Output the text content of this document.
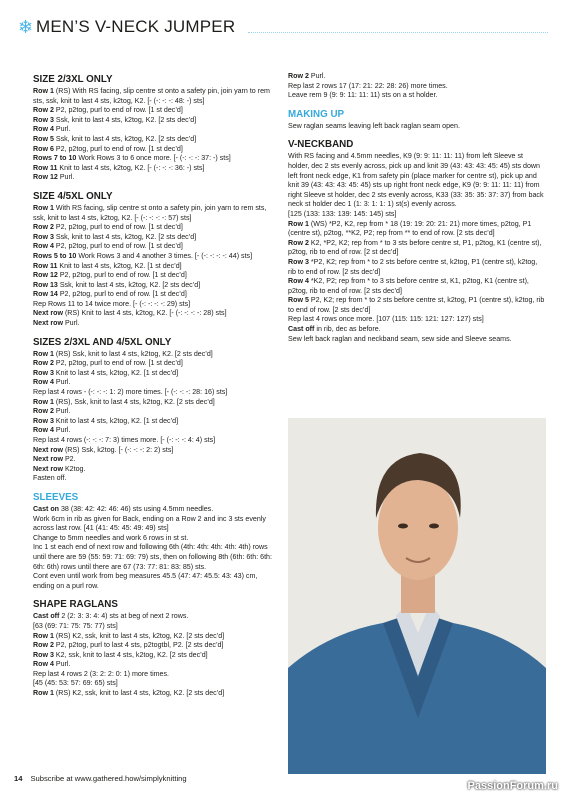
❄ MEN’S V-NECK JUMPER
SIZE 2/3XL ONLY
Row 1 (RS) With RS facing, slip centre st onto a safety pin, join yarn to rem sts, ssk, knit to last 4 sts, k2tog, K2. [- (-: -: -: 48: -) sts]
Row 2 P2, p2tog, purl to end of row. [1 st dec’d]
Row 3 Ssk, knit to last 4 sts, k2tog, K2. [2 sts dec’d]
Row 4 Purl.
Row 5 Ssk, knit to last 4 sts, k2tog, K2. [2 sts dec’d]
Row 6 P2, p2tog, purl to end of row. [1 st dec’d]
Rows 7 to 10 Work Rows 3 to 6 once more. [- (-: -: -: 37: -) sts]
Row 11 Knit to last 4 sts, k2tog, K2. [- (-: -: -: 36: -) sts]
Row 12 Purl.
SIZE 4/5XL ONLY
Row 1 With RS facing, slip centre st onto a safety pin, join yarn to rem sts, ssk, knit to last 4 sts, k2tog, K2. [- (-: -: -: -: 57) sts]
Row 2 P2, p2tog, purl to end of row. [1 st dec’d]
Row 3 Ssk, knit to last 4 sts, k2tog, K2. [2 sts dec’d]
Row 4 P2, p2tog, purl to end of row. [1 st dec’d]
Rows 5 to 10 Work Rows 3 and 4 another 3 times. [- (-: -: -: -: 44) sts]
Row 11 Knit to last 4 sts, k2tog, K2. [1 st dec’d]
Row 12 P2, p2tog, purl to end of row. [1 st dec’d]
Row 13 Ssk, knit to last 4 sts, k2tog, K2. [2 sts dec’d]
Row 14 P2, p2tog, purl to end of row. [1 st dec’d]
Rep Rows 11 to 14 twice more. [- (-: -: -: -: 29) sts]
Next row (RS) Knit to last 4 sts, k2tog, K2. [- (-: -: -: -: 28) sts]
Next row Purl.
SIZES 2/3XL AND 4/5XL ONLY
Row 1 (RS) Ssk, knit to last 4 sts, k2tog, K2. [2 sts dec’d]
Row 2 P2, p2tog, purl to end of row. [1 st dec’d]
Row 3 Knit to last 4 sts, k2tog, K2. [1 st dec’d]
Row 4 Purl.
Rep last 4 rows - (-: -: -: 1: 2) more times. [- (-: -: -: 28: 16) sts]
Row 1 (RS), Ssk, knit to last 4 sts, k2tog, K2. [2 sts dec’d]
Row 2 Purl.
Row 3 Knit to last 4 sts, k2tog, K2. [1 st dec’d]
Row 4 Purl.
Rep last 4 rows (-: -: -: 7: 3) times more. [- (-: -: -: 4: 4) sts]
Next row (RS) Ssk, k2tog. [- (-: -: -: 2: 2) sts]
Next row P2.
Next row K2tog.
Fasten off.
SLEEVES
Cast on 38 (38: 42: 42: 46: 46) sts using 4.5mm needles.
Work 6cm in rib as given for Back, ending on a Row 2 and inc 3 sts evenly across last row. [41 (41: 45: 45: 49: 49) sts]
Change to 5mm needles and work 6 rows in st st.
Inc 1 st each end of next row and following 6th (4th: 4th: 4th: 4th: 4th) rows until there are 59 (55: 59: 71: 69: 79) sts, then on following 8th (6th: 6th: 6th: 6th: 6th) rows until there are 67 (73: 77: 81: 83: 85) sts.
Cont even until work from beg measures 45.5 (47: 47: 45.5: 43: 43) cm, ending on a purl row.
SHAPE RAGLANS
Cast off 2 (2: 3: 3: 4: 4) sts at beg of next 2 rows.
[63 (69: 71: 75: 75: 77) sts]
Row 1 (RS) K2, ssk, knit to last 4 sts, k2tog, K2. [2 sts dec’d]
Row 2 P2, p2tog, purl to last 4 sts, p2togtbl, P2. [2 sts dec’d]
Row 3 K2, ssk, knit to last 4 sts, k2tog, K2. [2 sts dec’d]
Row 4 Purl.
Rep last 4 rows 2 (3: 2: 2: 0: 1) more times.
[45 (45: 53: 57: 69: 65) sts]
Row 1 (RS) K2, ssk, knit to last 4 sts, k2tog, K2. [2 sts dec’d]
Row 2 Purl.
Rep last 2 rows 17 (17: 21: 22: 28: 26) more times.
Leave rem 9 (9: 9: 11: 11: 11) sts on a st holder.
MAKING UP
Sew raglan seams leaving left back raglan seam open.
V-NECKBAND
With RS facing and 4.5mm needles, K9 (9: 9: 11: 11: 11) from left Sleeve st holder, dec 2 sts evenly across, pick up and knit 39 (43: 43: 43: 45: 45) sts down left front neck edge, K1 from safety pin (place marker for centre st), pick up and knit 39 (43: 43: 43: 45: 45) sts up right front neck edge, K9 (9: 9: 11: 11: 11) from right Sleeve st holder, dec 2 sts evenly across, K33 (33: 35: 35: 37: 37) from back neck st holder dec 1 (1: 3: 1: 1: 1) st(s) evenly across.
[125 (133: 133: 139: 145: 145) sts]
Row 1 (WS) *P2, K2, rep from * 18 (19: 19: 20: 21: 21) more times, p2tog, P1 (centre st), p2tog, **K2, P2; rep from ** to end of row. [2 sts dec’d]
Row 2 K2, *P2, K2; rep from * to 3 sts before centre st, P1, p2tog, K1 (centre st), p2tog, rib to end of row. [2 st dec’d]
Row 3 *P2, K2; rep from * to 2 sts before centre st, k2tog, P1 (centre st), k2tog, rib to end of row. [2 sts dec’d]
Row 4 *K2, P2; rep from * to 3 sts before centre st, K1, p2tog, K1 (centre st), p2tog, rib to end of row. [2 sts dec’d]
Row 5 P2, K2; rep from * to 2 sts before centre st, k2tog, P1 (centre st), k2tog, rib to end of row. [2 sts dec’d]
Rep last 4 rows once more. [107 (115: 115: 121: 127: 127) sts]
Cast off in rib, dec as before.
Sew left back raglan and neckband seam, sew side and Sleeve seams.
14 Subscribe at www.gathered.how/simplyknitting
PassionForum.ru
